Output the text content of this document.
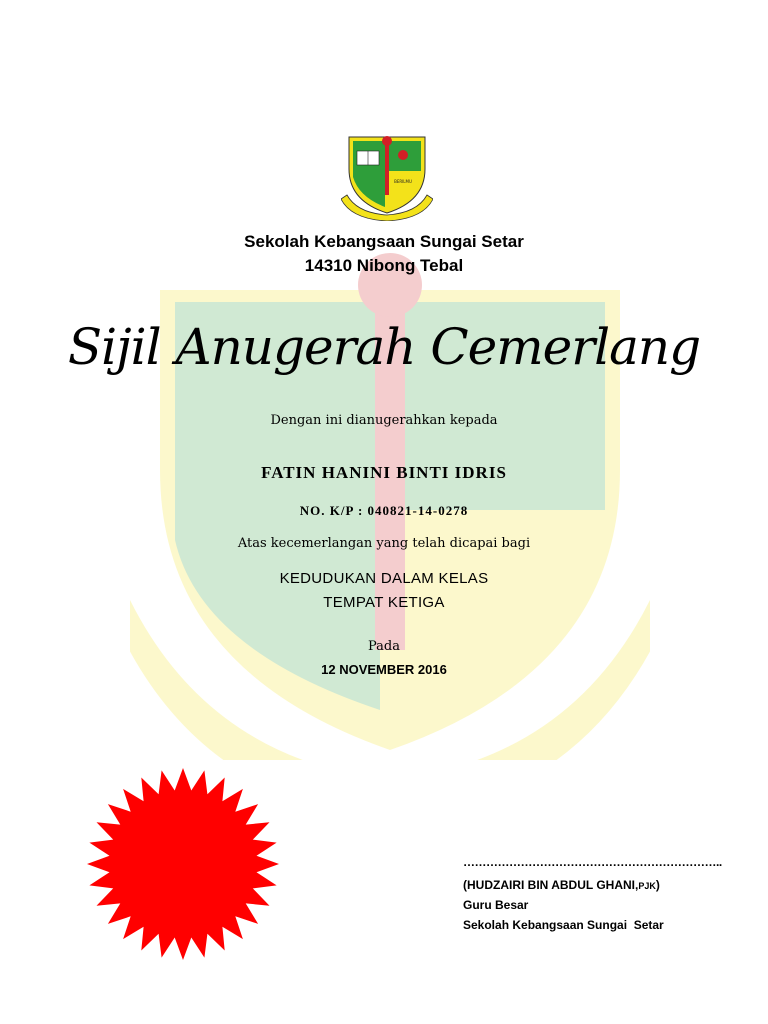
BERILMU
Sekolah Kebangsaan Sungai Setar
14310 Nibong Tebal
Sijil Anugerah Cemerlang
Dengan ini dianugerahkan kepada
FATIN HANINI BINTI IDRIS
NO. K/P : 040821-14-0278
Atas kecemerlangan yang telah dicapai bagi
KEDUDUKAN DALAM KELAS
TEMPAT KETIGA
Pada
12 NOVEMBER 2016
…………………………………………………………..
(HUDZAIRI BIN ABDUL GHANI,PJK)
Guru Besar
Sekolah Kebangsaan Sungai  Setar
